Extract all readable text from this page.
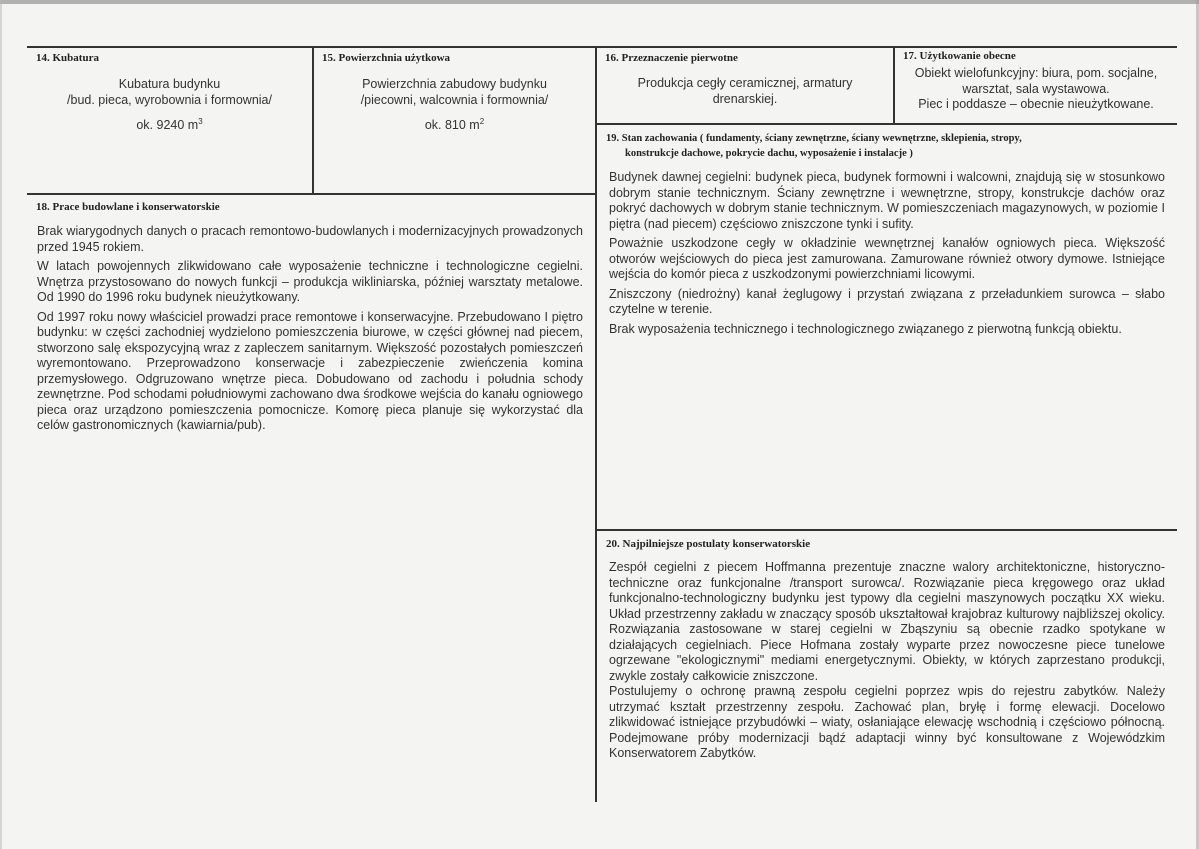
14. Kubatura
Kubatura budynku
/bud. pieca, wyrobownia i formownia/
ok. 9240 $m^3$
15. Powierzchnia użytkowa
Powierzchnia zabudowy budynku
/piecowni, walcownia i formownia/
ok. 810 $m^2$
16. Przeznaczenie pierwotne
Produkcja cegły ceramicznej, armatury
drenarskiej.
17. Użytkowanie obecne
Obiekt wielofunkcyjny: biura, pom. socjalne,
warsztat, sala wystawowa.
Piec i poddasze – obecnie nieużytkowane.
18. Prace budowlane i konserwatorskie

Brak wiarygodnych danych o pracach remontowo-budowlanych i modernizacyjnych prowadzonych przed 1945 rokiem.

W latach powojennych zlikwidowano całe wyposażenie techniczne i technologiczne cegielni. Wnętrza przystosowano do nowych funkcji – produkcja wikliniarska, później warsztaty metalowe. Od 1990 do 1996 roku budynek nieużytkowany.

Od 1997 roku nowy właściciel prowadzi prace remontowe i konserwacyjne. Przebudowano I piętro budynku: w części zachodniej wydzielono pomieszczenia biurowe, w części głównej nad piecem, stworzono salę ekspozycyjną wraz z zapleczem sanitarnym. Większość pozostałych pomieszczeń wyremontowano. Przeprowadzono konserwacje i zabezpieczenie zwieńczenia komina przemysłowego. Odgruzowano wnętrze pieca. Dobudowano od zachodu i południa schody zewnętrzne. Pod schodami południowymi zachowano dwa środkowe wejścia do kanału ogniowego pieca oraz urządzono pomieszczenia pomocnicze. Komorę pieca planuje się wykorzystać dla celów gastronomicznych (kawiarnia/pub).

19. Stan zachowania ( fundamenty, ściany zewnętrzne, ściany wewnętrzne, sklepienia, stropy,
konstrukcje dachowe, pokrycie dachu, wyposażenie i instalacje )

Budynek dawnej cegielni: budynek pieca, budynek formowni i walcowni, znajdują się w stosunkowo dobrym stanie technicznym. Ściany zewnętrzne i wewnętrzne, stropy, konstrukcje dachów oraz pokryć dachowych w dobrym stanie technicznym. W pomieszczeniach magazynowych, w poziomie I piętra (nad piecem) częściowo zniszczone tynki i sufity.

Poważnie uszkodzone cegły w okładzinie wewnętrznej kanałów ogniowych pieca. Większość otworów wejściowych do pieca jest zamurowana. Zamurowane również otwory dymowe. Istniejące wejścia do komór pieca z uszkodzonymi powierzchniami licowymi.

Zniszczony (niedrożny) kanał żeglugowy i przystań związana z przeładunkiem surowca – słabo czytelne w terenie.

Brak wyposażenia technicznego i technologicznego związanego z pierwotną funkcją obiektu.

20. Najpilniejsze postulaty konserwatorskie

Zespół cegielni z piecem Hoffmanna prezentuje znaczne walory architektoniczne, historyczno-techniczne oraz funkcjonalne /transport surowca/. Rozwiązanie pieca kręgowego oraz układ funkcjonalno-technologiczny budynku jest typowy dla cegielni maszynowych początku XX wieku. Układ przestrzenny zakładu w znaczący sposób ukształtował krajobraz kulturowy najbliższej okolicy. Rozwiązania zastosowane w starej cegielni w Zbąszyniu są obecnie rzadko spotykane w działających cegielniach. Piece Hofmana zostały wyparte przez nowoczesne piece tunelowe ogrzewane "ekologicznymi" mediami energetycznymi. Obiekty, w których zaprzestano produkcji, zwykle zostały całkowicie zniszczone.

Postulujemy o ochronę prawną zespołu cegielni poprzez wpis do rejestru zabytków. Należy utrzymać kształt przestrzenny zespołu. Zachować plan, bryłę i formę elewacji. Docelowo zlikwidować istniejące przybudówki – wiaty, osłaniające elewację wschodnią i częściowo północną. Podejmowane próby modernizacji bądź adaptacji winny być konsultowane z Wojewódzkim Konserwatorem Zabytków.
